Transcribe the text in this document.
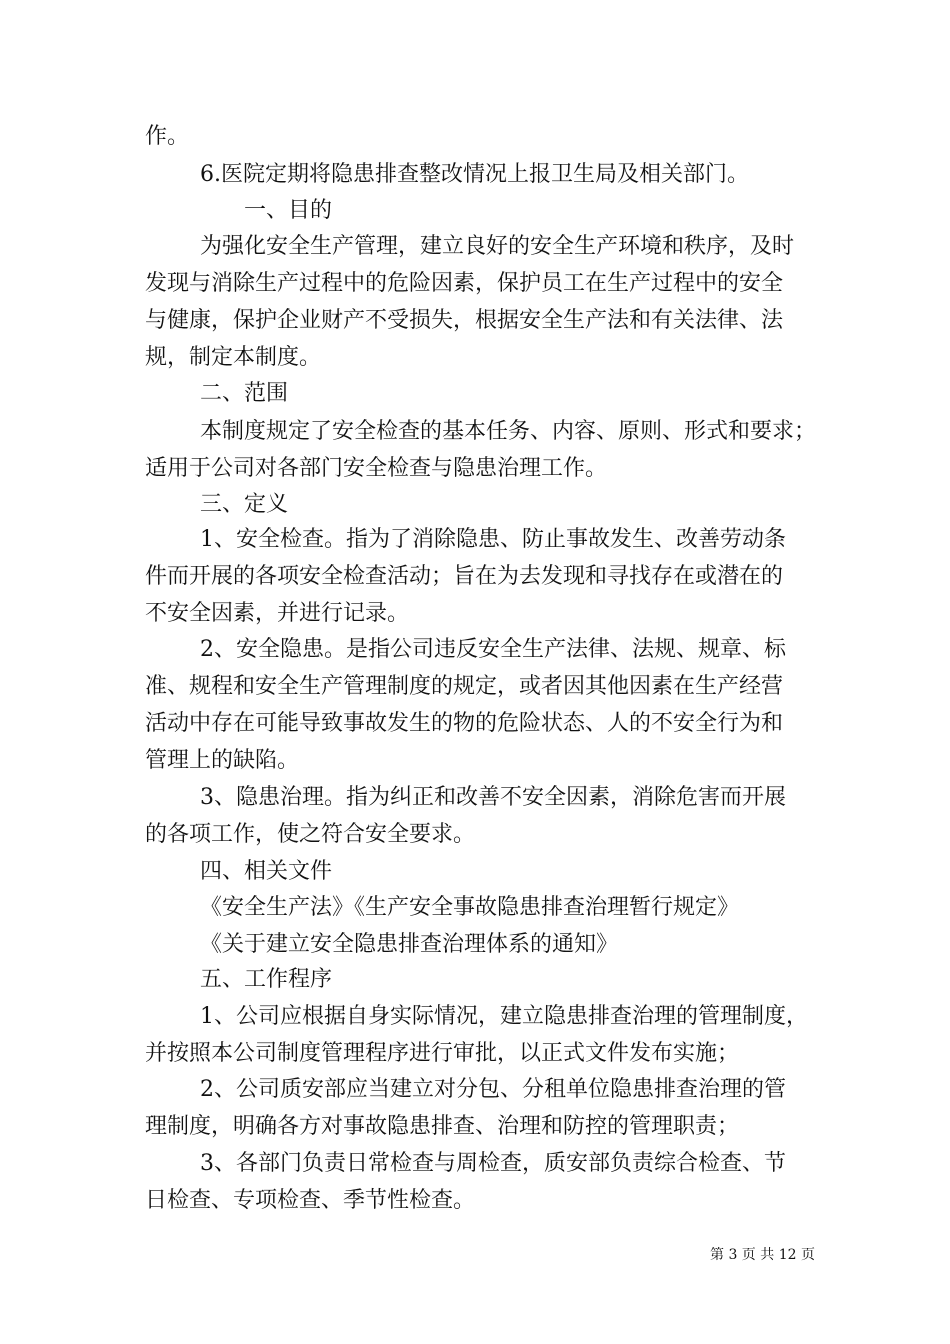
作。
6.医院定期将隐患排查整改情况上报卫生局及相关部门。
一、目的
为强化安全生产管理，建立良好的安全生产环境和秩序，及时
发现与消除生产过程中的危险因素，保护员工在生产过程中的安全
与健康，保护企业财产不受损失，根据安全生产法和有关法律、法
规，制定本制度。
二、范围
本制度规定了安全检查的基本任务、内容、原则、形式和要求；
适用于公司对各部门安全检查与隐患治理工作。
三、定义
1、安全检查。指为了消除隐患、防止事故发生、改善劳动条
件而开展的各项安全检查活动；旨在为去发现和寻找存在或潜在的
不安全因素，并进行记录。
2、安全隐患。是指公司违反安全生产法律、法规、规章、标
准、规程和安全生产管理制度的规定，或者因其他因素在生产经营
活动中存在可能导致事故发生的物的危险状态、人的不安全行为和
管理上的缺陷。
3、隐患治理。指为纠正和改善不安全因素，消除危害而开展
的各项工作，使之符合安全要求。
四、相关文件
《安全生产法》《生产安全事故隐患排查治理暂行规定》
《关于建立安全隐患排查治理体系的通知》
五、工作程序
1、公司应根据自身实际情况，建立隐患排查治理的管理制度，
并按照本公司制度管理程序进行审批，以正式文件发布实施；
2、公司质安部应当建立对分包、分租单位隐患排查治理的管
理制度，明确各方对事故隐患排查、治理和防控的管理职责；
3、各部门负责日常检查与周检查，质安部负责综合检查、节
日检查、专项检查、季节性检查。
第 3 页 共 12 页
